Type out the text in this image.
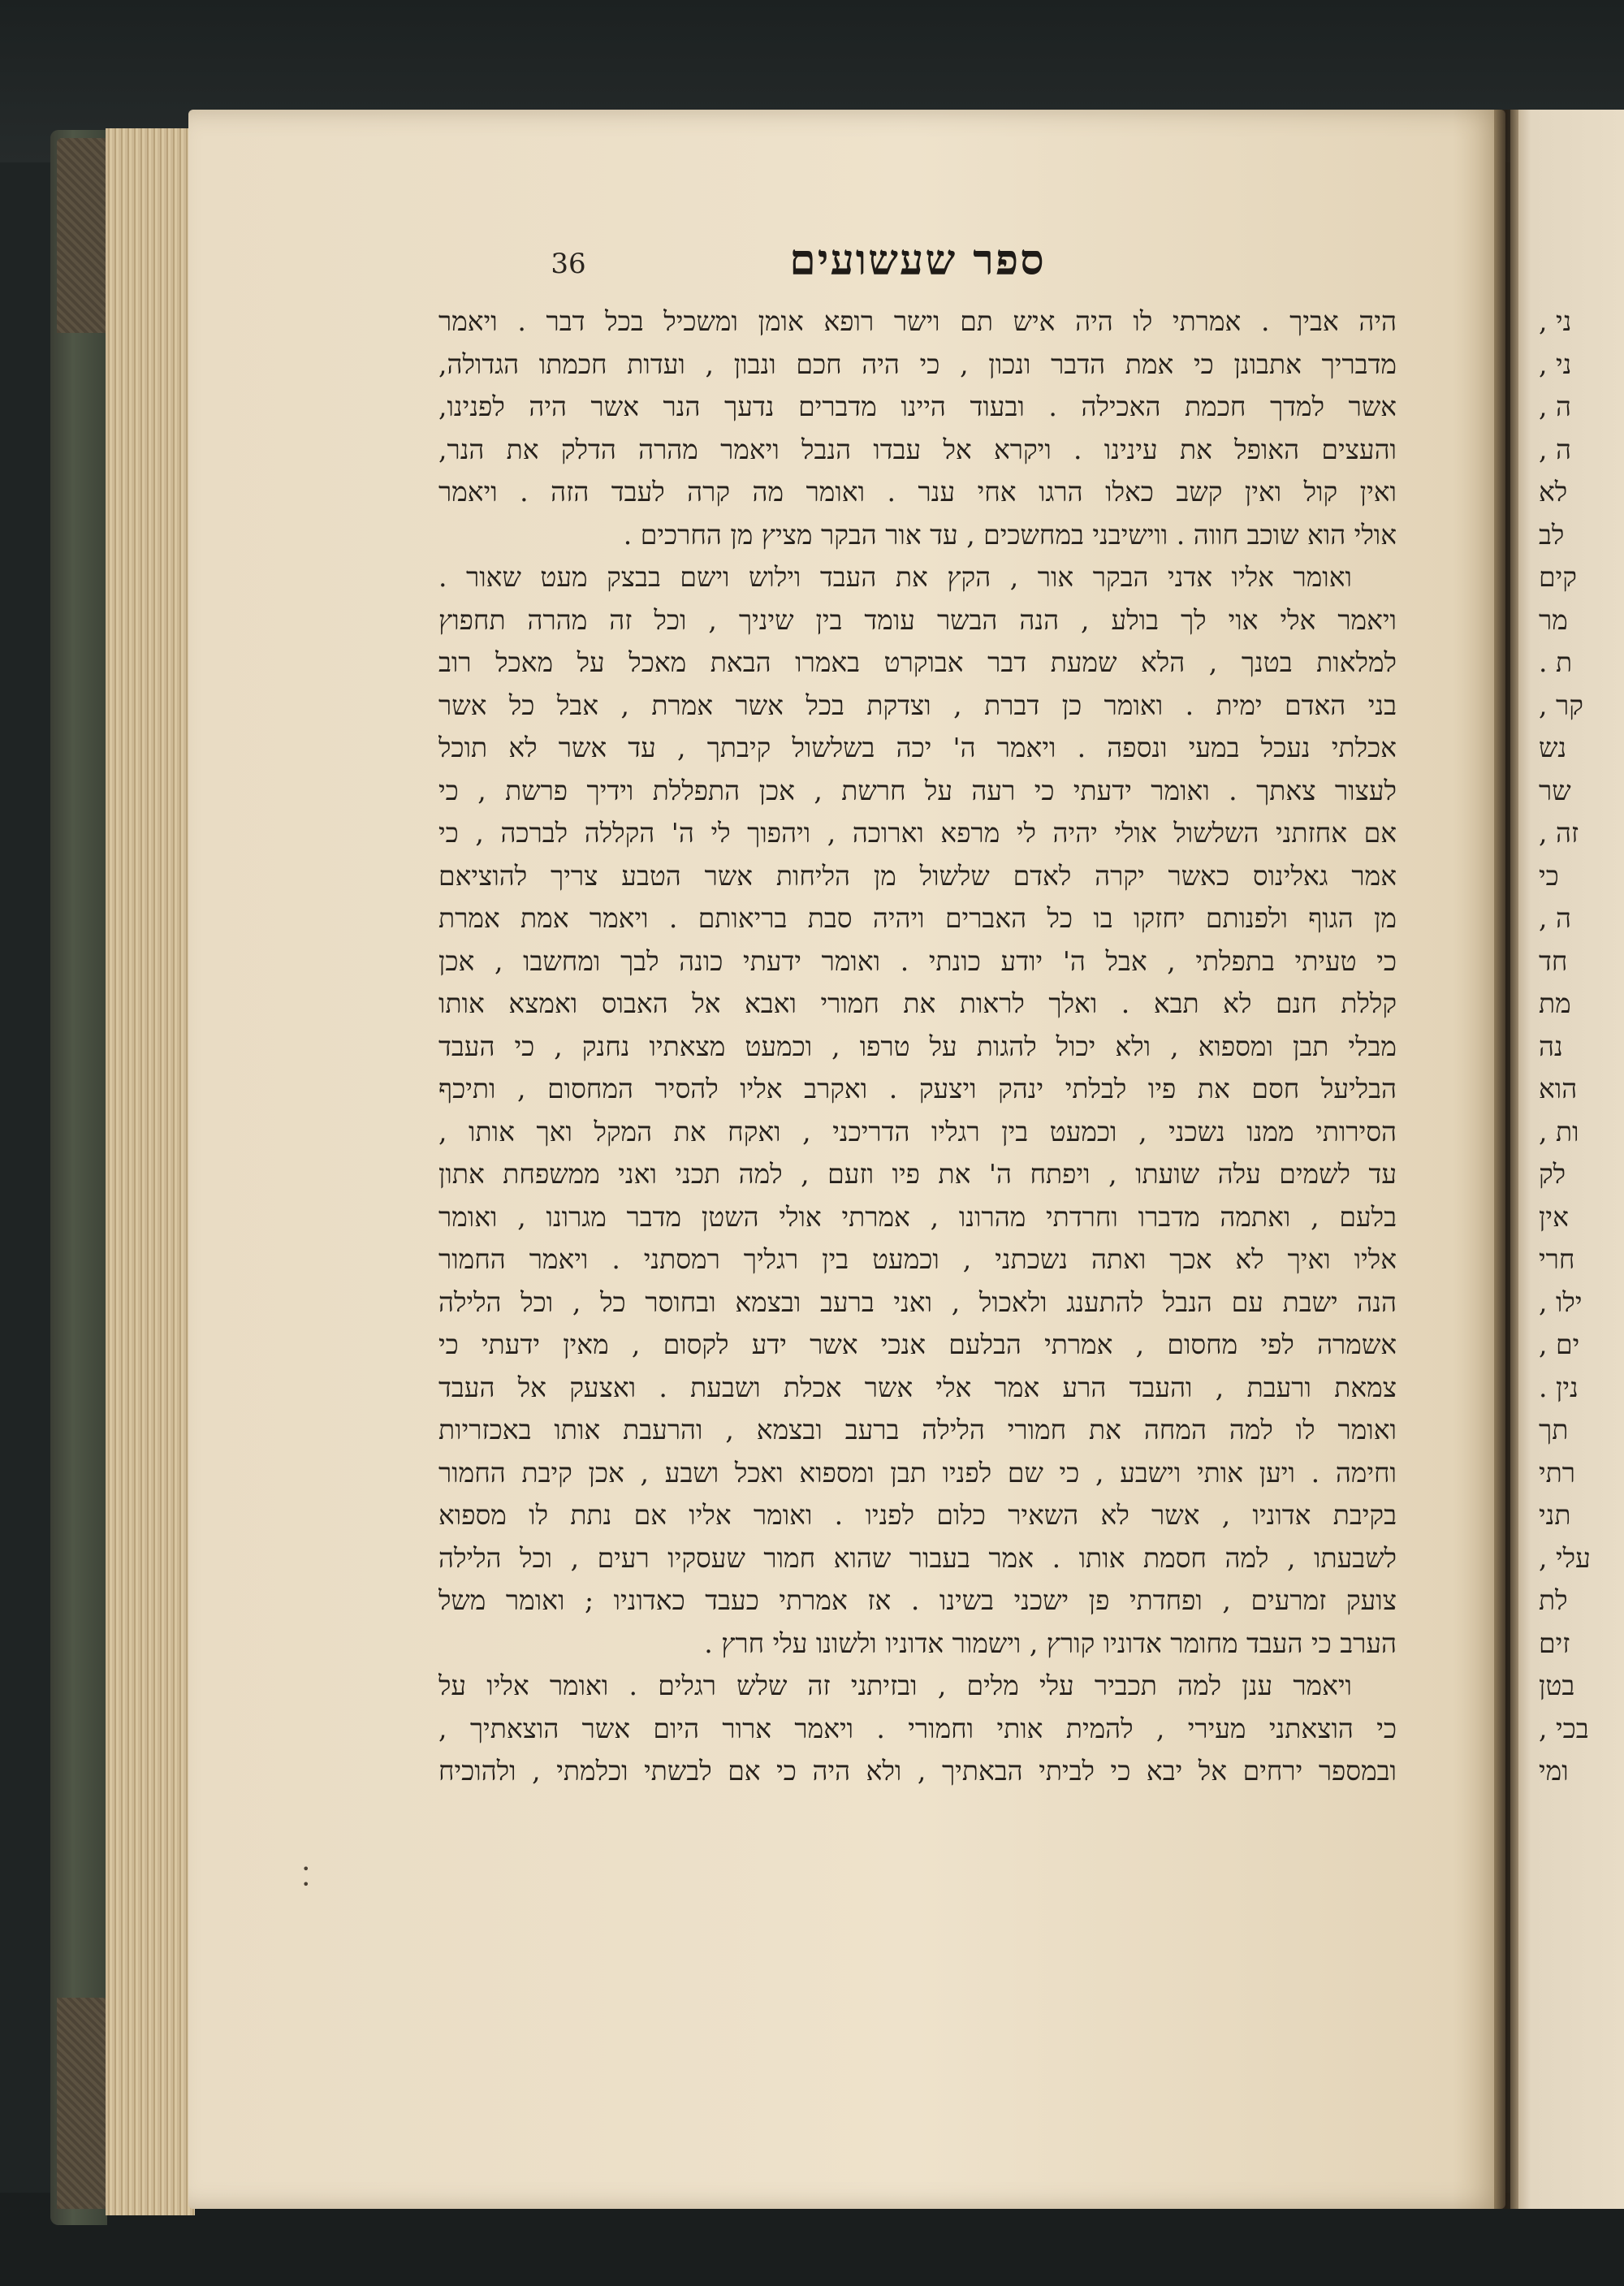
36	ספר שעשועים
היה אביך . אמרתי לו היה איש תם וישר רופא אומן ומשכיל בכל דבר . ויאמר
מדבריך אתבונן כי אמת הדבר ונכון , כי היה חכם ונבון , ועדות חכמתו הגדולה,
אשר למדך חכמת האכילה . ובעוד היינו מדברים נדעך הנר אשר היה לפנינו,
והעצים האופל את עינינו . ויקרא אל עבדו הנבל ויאמר מהרה הדלק את הנר,
ואין קול ואין קשב כאלו הרגו אחי ענר . ואומר מה קרה לעבד הזה . ויאמר
אולי הוא שוכב חווה . ווישיבני במחשכים , עד אור הבקר מציץ מן החרכים .
ואומר אליו אדני הבקר אור , הקץ את העבד וילוש וישם בבצק מעט שאור .
ויאמר אלי אוי לך בולע , הנה הבשר עומד בין שיניך , וכל זה מהרה תחפוץ
למלאות בטנך , הלא שמעת דבר אבוקרט באמרו הבאת מאכל על מאכל רוב
בני האדם ימית . ואומר כן דברת , וצדקת בכל אשר אמרת , אבל כל אשר
אכלתי נעכל במעי ונספה . ויאמר ה' יכה בשלשול קיבתך , עד אשר לא תוכל
לעצור צאתך . ואומר ידעתי כי רעה על חרשת , אכן התפללת וידיך פרשת , כי
אם אחזתני השלשול אולי יהיה לי מרפא וארוכה , ויהפוך לי ה' הקללה לברכה , כי
אמר גאלינוס כאשר יקרה לאדם שלשול מן הליחות אשר הטבע צריך להוציאם
מן הגוף ולפנותם יחזקו בו כל האברים ויהיה סבת בריאותם . ויאמר אמת אמרת
כי טעיתי בתפלתי , אבל ה' יודע כונתי . ואומר ידעתי כונה לבך ומחשבו , אכן
קללת חנם לא תבא . ואלך לראות את חמורי ואבא אל האבוס ואמצא אותו
מבלי תבן ומספוא , ולא יכול להגות על טרפו , וכמעט מצאתיו נחנק , כי העבד
הבליעל חסם את פיו לבלתי ינהק ויצעק . ואקרב אליו להסיר המחסום , ותיכף
הסירותי ממנו נשכני , וכמעט בין רגליו הדריכני , ואקח את המקל ואך אותו ,
עד לשמים עלה שועתו , ויפתח ה' את פיו וזעם , למה תכני ואני ממשפחת אתון
בלעם , ואתמה מדברו וחרדתי מהרונו , אמרתי אולי השטן מדבר מגרונו , ואומר
אליו ואיך לא אכך ואתה נשכתני , וכמעט בין רגליך רמסתני . ויאמר החמור
הנה ישבת עם הנבל להתענג ולאכול , ואני ברעב ובצמא ובחוסר כל , וכל הלילה
אשמרה לפי מחסום , אמרתי הבלעם אנכי אשר ידע לקסום , מאין ידעתי כי
צמאת ורעבת , והעבד הרע אמר אלי אשר אכלת ושבעת . ואצעק אל העבד
ואומר לו למה המחה את חמורי הלילה ברעב ובצמא , והרעבת אותו באכזריות
וחימה . ויען אותי וישבע , כי שם לפניו תבן ומספוא ואכל ושבע , אכן קיבת החמור
בקיבת אדוניו , אשר לא השאיר כלום לפניו . ואומר אליו אם נתת לו מספוא
לשבעתו , למה חסמת אותו . אמר בעבור שהוא חמור שעסקיו רעים , וכל הלילה
צועק זמרעים , ופחדתי פן ישכני בשינו . אז אמרתי כעבד כאדוניו ; ואומר משל
הערב כי העבד מחומר אדוניו קורץ , וישמור אדוניו ולשונו עלי חרץ .
ויאמר ענן למה תכביר עלי מלים , ובזיתני זה שלש רגלים . ואומר אליו על
כי הוצאתני מעירי , להמית אותי וחמורי . ויאמר ארור היום אשר הוצאתיך ,
ובמספר ירחים אל יבא כי לביתי הבאתיך , ולא היה כי אם לבשתי וכלמתי , ולהוכיח
ני ,
ני ,
ה ,
ה ,
לא
לב
קים
מר
ת .
קר ,
נש
שר
זה ,
כי
ה ,
חד
מת
נה
הוא
ות ,
לק
אין
חרי
ילו ,
ים ,
נין .
תך
רתי
תני
עלי ,
לת
זים
בטן
בכי ,
ומי
• •
